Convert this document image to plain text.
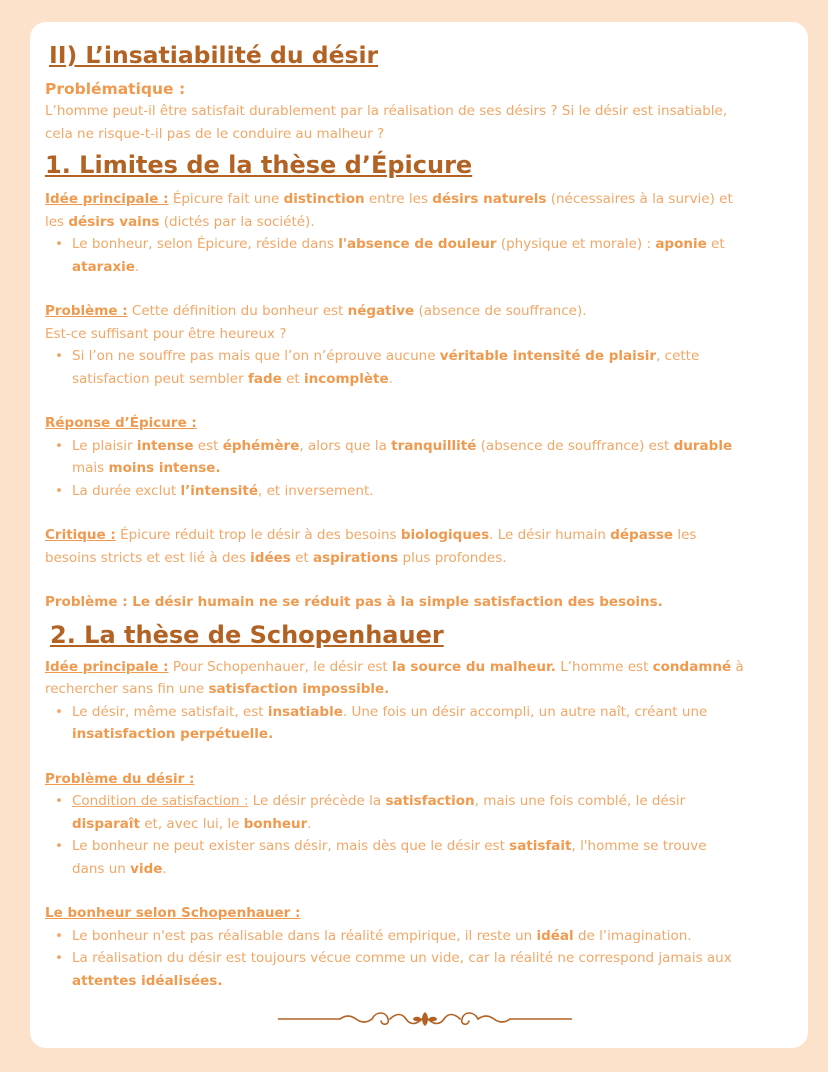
II) L’insatiabilité du désir
Problématique :

L’homme peut-il être satisfait durablement par la réalisation de ses désirs ? Si le désir est insatiable,
cela ne risque-t-il pas de le conduire au malheur ?

1. Limites de la thèse d’Épicure

Idée principale : Épicure fait une distinction entre les désirs naturels (nécessaires à la survie) et
les désirs vains (dictés par la société).

• Le bonheur, selon Épicure, réside dans l'absence de douleur (physique et morale) : aponie et
ataraxie.

Problème : Cette définition du bonheur est négative (absence de souffrance).
Est-ce suffisant pour être heureux ?

• Si l’on ne souffre pas mais que l’on n’éprouve aucune véritable intensité de plaisir, cette
satisfaction peut sembler fade et incomplète.

Réponse d’Épicure :

• Le plaisir intense est éphémère, alors que la tranquillité (absence de souffrance) est durable
mais moins intense.
• La durée exclut l’intensité, et inversement.

Critique : Épicure réduit trop le désir à des besoins biologiques. Le désir humain dépasse les
besoins stricts et est lié à des idées et aspirations plus profondes.

Problème : Le désir humain ne se réduit pas à la simple satisfaction des besoins.

2. La thèse de Schopenhauer

Idée principale : Pour Schopenhauer, le désir est la source du malheur. L’homme est condamné à
rechercher sans fin une satisfaction impossible.

• Le désir, même satisfait, est insatiable. Une fois un désir accompli, un autre naît, créant une
insatisfaction perpétuelle.

Problème du désir :

• Condition de satisfaction : Le désir précède la satisfaction, mais une fois comblé, le désir
disparaît et, avec lui, le bonheur.
• Le bonheur ne peut exister sans désir, mais dès que le désir est satisfait, l'homme se trouve
dans un vide.

Le bonheur selon Schopenhauer :

• Le bonheur n'est pas réalisable dans la réalité empirique, il reste un idéal de l’imagination.
• La réalisation du désir est toujours vécue comme un vide, car la réalité ne correspond jamais aux
attentes idéalisées.
